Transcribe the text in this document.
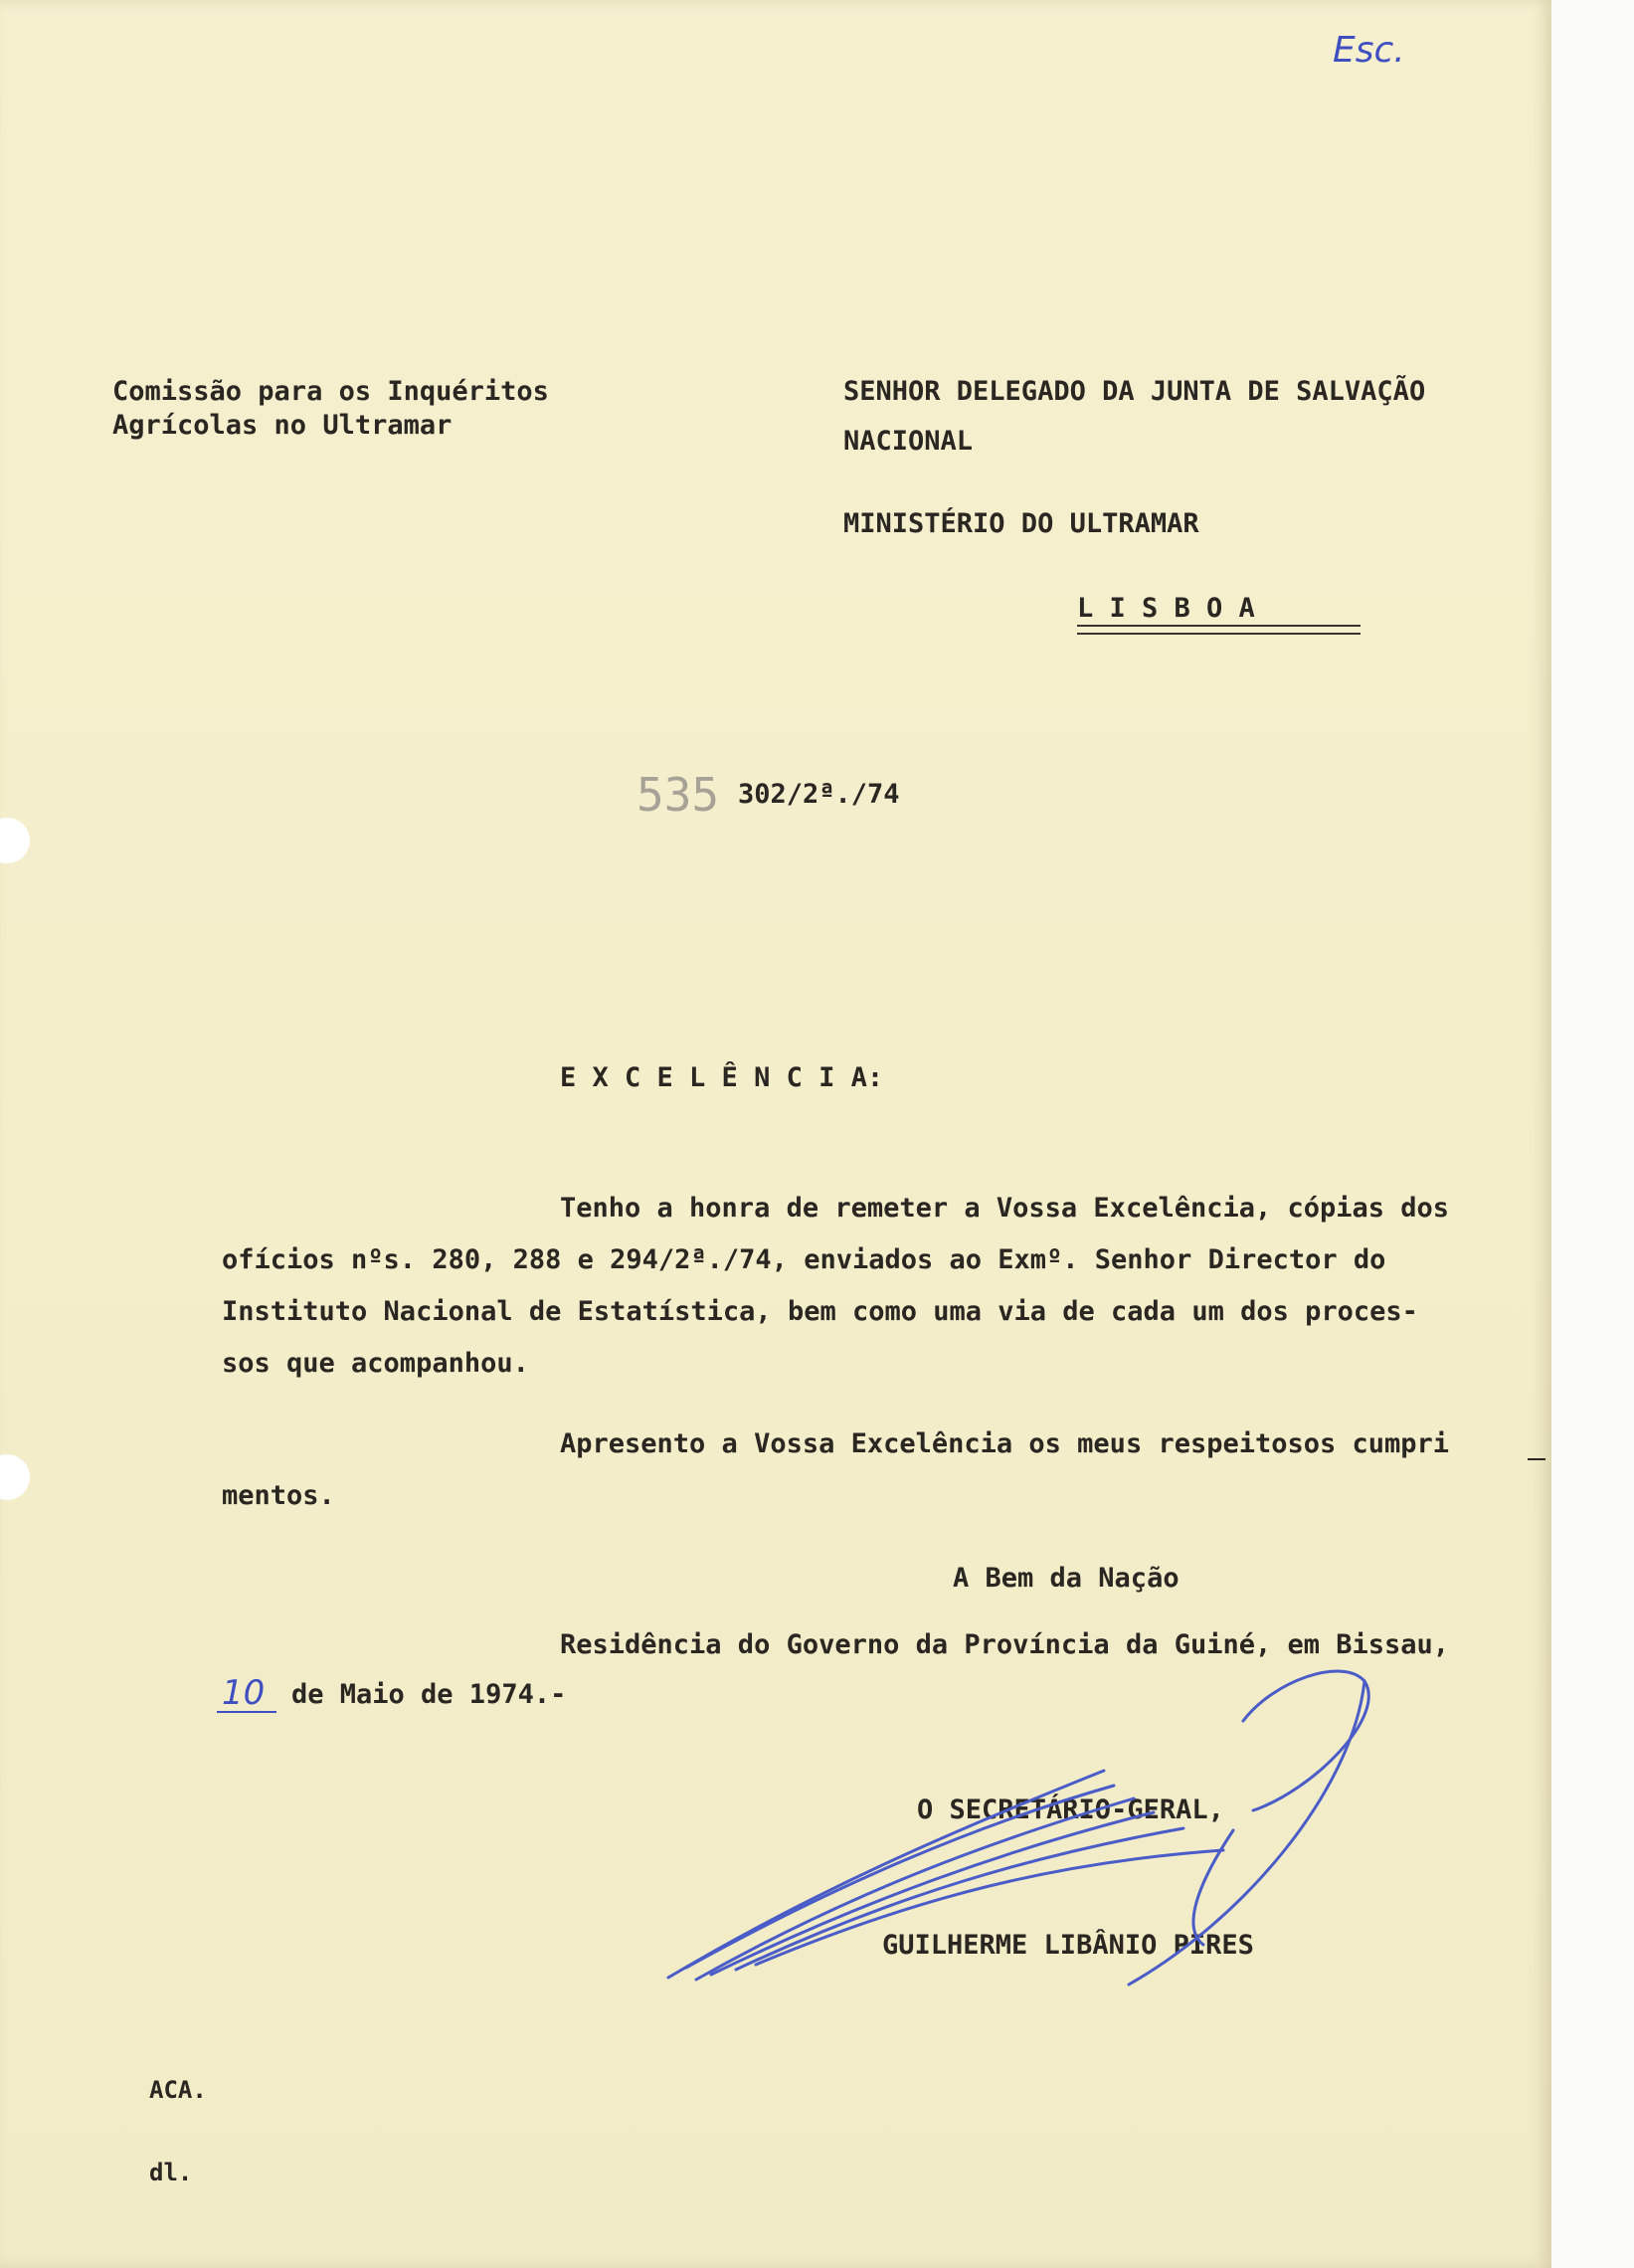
Esc.

Comissão para os Inquéritos

Agrícolas no Ultramar

SENHOR DELEGADO DA JUNTA DE SALVAÇÃO

NACIONAL

MINISTÉRIO DO ULTRAMAR

L I S B O A

535 302/2ª./74

E X C E L Ê N C I A:

Tenho a honra de remeter a Vossa Excelência, cópias dos

ofícios nºs. 280, 288 e 294/2ª./74, enviados ao Exmº. Senhor Director do

Instituto Nacional de Estatística, bem como uma via de cada um dos proces-

sos que acompanhou.

Apresento a Vossa Excelência os meus respeitosos cumpri

mentos.

A Bem da Nação

Residência do Governo da Província da Guiné, em Bissau,

10 de Maio de 1974.-

O SECRETÁRIO-GERAL,

GUILHERME LIBÂNIO PIRES

ACA.

dl.
